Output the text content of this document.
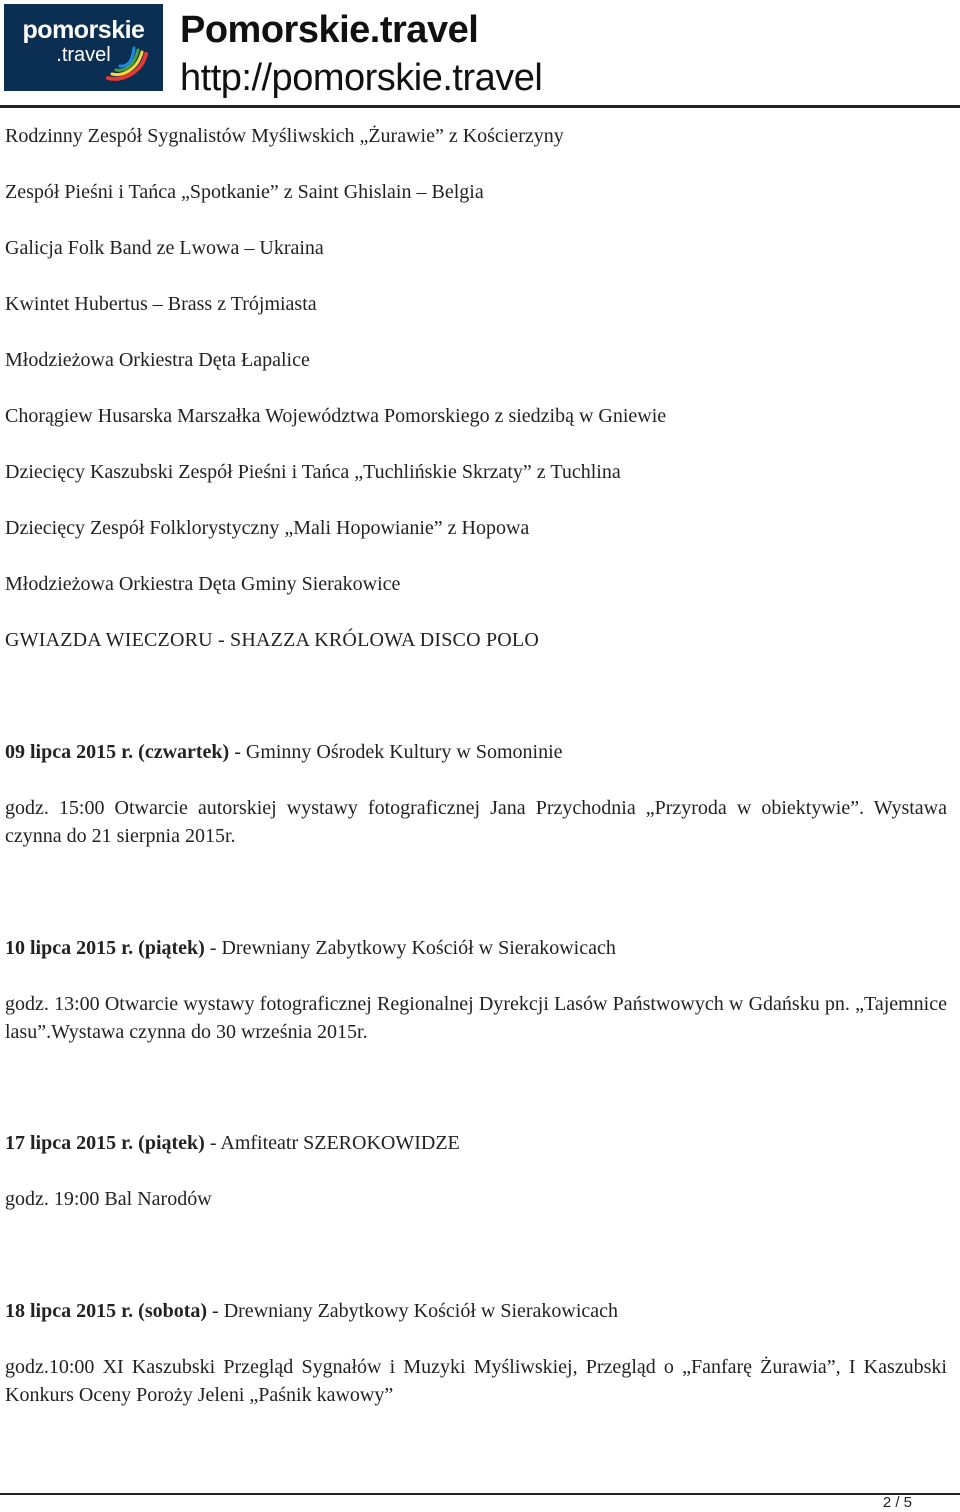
pomorskie
.travel
Pomorskie.travel
http://pomorskie.travel
Rodzinny Zespół Sygnalistów Myśliwskich „Żurawie” z Kościerzyny
Zespół Pieśni i Tańca „Spotkanie” z Saint Ghislain – Belgia
Galicja Folk Band ze Lwowa – Ukraina
Kwintet Hubertus – Brass z Trójmiasta
Młodzieżowa Orkiestra Dęta Łapalice
Chorągiew Husarska Marszałka Województwa Pomorskiego z siedzibą w Gniewie
Dziecięcy Kaszubski Zespół Pieśni i Tańca „Tuchlińskie Skrzaty” z Tuchlina
Dziecięcy Zespół Folklorystyczny „Mali Hopowianie” z Hopowa
Młodzieżowa Orkiestra Dęta Gminy Sierakowice
GWIAZDA WIECZORU - SHAZZA KRÓLOWA DISCO POLO
09 lipca 2015 r. (czwartek) - Gminny Ośrodek Kultury w Somoninie
godz. 15:00 Otwarcie autorskiej wystawy fotograficznej Jana Przychodnia „Przyroda w obiektywie”. Wystawa czynna do 21 sierpnia 2015r.
10 lipca 2015 r. (piątek) - Drewniany Zabytkowy Kościół w Sierakowicach
godz. 13:00 Otwarcie wystawy fotograficznej Regionalnej Dyrekcji Lasów Państwowych w Gdańsku pn. „Tajemnice lasu”.Wystawa czynna do 30 września 2015r.
17 lipca 2015 r. (piątek) - Amfiteatr SZEROKOWIDZE
godz. 19:00 Bal Narodów
18 lipca 2015 r. (sobota) - Drewniany Zabytkowy Kościół w Sierakowicach
godz.10:00 XI Kaszubski Przegląd Sygnałów i Muzyki Myśliwskiej, Przegląd o „Fanfarę Żurawia”, I Kaszubski Konkurs Oceny Poroży Jeleni „Paśnik kawowy”
2 / 5
